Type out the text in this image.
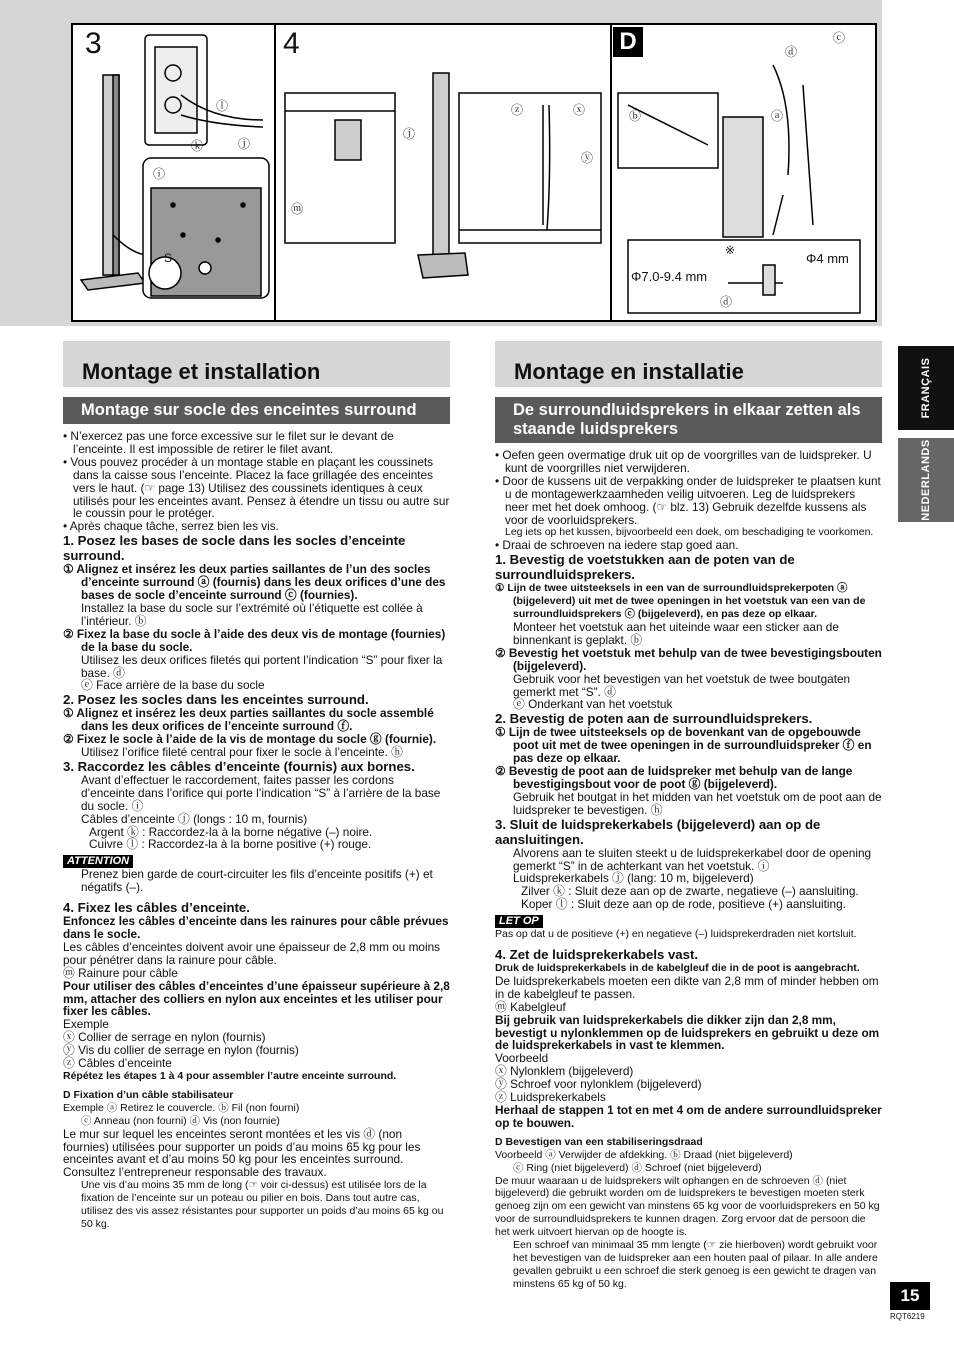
3	4	D
ⓛ
ⓚ	ⓙ
ⓘ
S
ⓙ
ⓜ
ⓩ	ⓧ
ⓨ
ⓒ
ⓓ
ⓑ	ⓐ
Φ7.0-9.4 mm
Φ4 mm
※
ⓓ
FRANÇAIS
NEDERLANDS
Montage et installation
Montage sur socle des enceintes surround

• N’exercez pas une force excessive sur le filet sur le devant de l’enceinte. Il est impossible de retirer le filet avant.

• Vous pouvez procéder à un montage stable en plaçant les coussinets dans la caisse sous l’enceinte. Placez la face grillagée des enceintes vers le haut. (☞ page 13) Utilisez des coussinets identiques à ceux utilisés pour les enceintes avant. Pensez à étendre un tissu ou autre sur le coussin pour le protéger.

• Après chaque tâche, serrez bien les vis.

1. Posez les bases de socle dans les socles d’enceinte surround.

① Alignez et insérez les deux parties saillantes de l’un des socles d’enceinte surround ⓐ (fournis) dans les deux orifices d’une des bases de socle d’enceinte surround ⓒ (fournies).

Installez la base du socle sur l’extrémité où l’étiquette est collée à l’intérieur. ⓑ

② Fixez la base du socle à l’aide des deux vis de montage (fournies) de la base du socle.

Utilisez les deux orifices filetés qui portent l’indication “S” pour fixer la base. ⓓ

ⓔ Face arrière de la base du socle

2. Posez les socles dans les enceintes surround.

① Alignez et insérez les deux parties saillantes du socle assemblé dans les deux orifices de l’enceinte surround ⓕ.

② Fixez le socle à l’aide de la vis de montage du socle ⓖ (fournie).

Utilisez l’orifice fileté central pour fixer le socle à l’enceinte. ⓗ

3. Raccordez les câbles d’enceinte (fournis) aux bornes.

Avant d’effectuer le raccordement, faites passer les cordons d’enceinte dans l’orifice qui porte l’indication “S” à l’arrière de la base du socle. ⓘ

Câbles d’enceinte ⓙ (longs : 10 m, fournis)

Argent ⓚ : Raccordez-la à la borne négative (–) noire.

Cuivre ⓛ : Raccordez-la à la borne positive (+) rouge.

ATTENTION

Prenez bien garde de court-circuiter les fils d’enceinte positifs (+) et négatifs (–).

4. Fixez les câbles d’enceinte.

Enfoncez les câbles d’enceinte dans les rainures pour câble prévues dans le socle.

Les câbles d’enceintes doivent avoir une épaisseur de 2,8 mm ou moins pour pénétrer dans la rainure pour câble.

ⓜ Rainure pour câble

Pour utiliser des câbles d’enceintes d’une épaisseur supérieure à 2,8 mm, attacher des colliers en nylon aux enceintes et les utiliser pour fixer les câbles.

Exemple

ⓧ Collier de serrage en nylon (fournis)

ⓨ Vis du collier de serrage en nylon (fournis)

ⓩ Câbles d’enceinte

Répétez les étapes 1 à 4 pour assembler l’autre enceinte surround.

D Fixation d’un câble stabilisateur

Exemple ⓐ Retirez le couvercle. ⓑ Fil (non fourni)

ⓒ Anneau (non fourni) ⓓ Vis (non fournie)

Le mur sur lequel les enceintes seront montées et les vis ⓓ (non fournies) utilisées pour supporter un poids d’au moins 65 kg pour les enceintes avant et d’au moins 50 kg pour les enceintes surround. Consultez l’entrepreneur responsable des travaux.

Une vis d’au moins 35 mm de long (☞ voir ci-dessus) est utilisée lors de la fixation de l’enceinte sur un poteau ou pilier en bois. Dans tout autre cas, utilisez des vis assez résistantes pour supporter un poids d’au moins 65 kg ou 50 kg.

Montage en installatie
De surroundluidsprekers in elkaar zetten als staande luidsprekers

• Oefen geen overmatige druk uit op de voorgrilles van de luidspreker. U kunt de voorgrilles niet verwijderen.

• Door de kussens uit de verpakking onder de luidspreker te plaatsen kunt u de montagewerkzaamheden veilig uitvoeren. Leg de luidsprekers neer met het doek omhoog. (☞ blz. 13) Gebruik dezelfde kussens als voor de voorluidsprekers.

Leg iets op het kussen, bijvoorbeeld een doek, om beschadiging te voorkomen.

• Draai de schroeven na iedere stap goed aan.

1. Bevestig de voetstukken aan de poten van de surroundluidsprekers.

① Lijn de twee uitsteeksels in een van de surroundluidsprekerpoten ⓐ (bijgeleverd) uit met de twee openingen in het voetstuk van een van de surroundluidsprekers ⓒ (bijgeleverd), en pas deze op elkaar.

Monteer het voetstuk aan het uiteinde waar een sticker aan de binnenkant is geplakt. ⓑ

② Bevestig het voetstuk met behulp van de twee bevestigingsbouten (bijgeleverd).

Gebruik voor het bevestigen van het voetstuk de twee boutgaten gemerkt met “S”. ⓓ

ⓔ Onderkant van het voetstuk

2. Bevestig de poten aan de surroundluidsprekers.

① Lijn de twee uitsteeksels op de bovenkant van de opgebouwde poot uit met de twee openingen in de surroundluidspreker ⓕ en pas deze op elkaar.

② Bevestig de poot aan de luidspreker met behulp van de lange bevestigingsbout voor de poot ⓖ (bijgeleverd).

Gebruik het boutgat in het midden van het voetstuk om de poot aan de luidspreker te bevestigen. ⓗ

3. Sluit de luidsprekerkabels (bijgeleverd) aan op de aansluitingen.

Alvorens aan te sluiten steekt u de luidsprekerkabel door de opening gemerkt “S” in de achterkant van het voetstuk. ⓘ

Luidsprekerkabels ⓙ (lang: 10 m, bijgeleverd)

Zilver ⓚ : Sluit deze aan op de zwarte, negatieve (–) aansluiting.

Koper ⓛ : Sluit deze aan op de rode, positieve (+) aansluiting.

LET OP

Pas op dat u de positieve (+) en negatieve (–) luidsprekerdraden niet kortsluit.

4. Zet de luidsprekerkabels vast.

Druk de luidsprekerkabels in de kabelgleuf die in de poot is aangebracht.

De luidsprekerkabels moeten een dikte van 2,8 mm of minder hebben om in de kabelgleuf te passen.

ⓜ Kabelgleuf

Bij gebruik van luidsprekerkabels die dikker zijn dan 2,8 mm, bevestigt u nylonklemmen op de luidsprekers en gebruikt u deze om de luidsprekerkabels in vast te klemmen.

Voorbeeld

ⓧ Nylonklem (bijgeleverd)

ⓨ Schroef voor nylonklem (bijgeleverd)

ⓩ Luidsprekerkabels

Herhaal de stappen 1 tot en met 4 om de andere surroundluidspreker op te bouwen.

D Bevestigen van een stabiliseringsdraad

Voorbeeld ⓐ Verwijder de afdekking. ⓑ Draad (niet bijgeleverd)

ⓒ Ring (niet bijgeleverd) ⓓ Schroef (niet bijgeleverd)

De muur waaraan u de luidsprekers wilt ophangen en de schroeven ⓓ (niet bijgeleverd) die gebruikt worden om de luidsprekers te bevestigen moeten sterk genoeg zijn om een gewicht van minstens 65 kg voor de voorluidsprekers en 50 kg voor de surroundluidsprekers te kunnen dragen. Zorg ervoor dat de persoon die het werk uitvoert hiervan op de hoogte is.

Een schroef van minimaal 35 mm lengte (☞ zie hierboven) wordt gebruikt voor het bevestigen van de luidspreker aan een houten paal of pilaar. In alle andere gevallen gebruikt u een schroef die sterk genoeg is een gewicht te dragen van minstens 65 kg of 50 kg.

15
RQT6219
